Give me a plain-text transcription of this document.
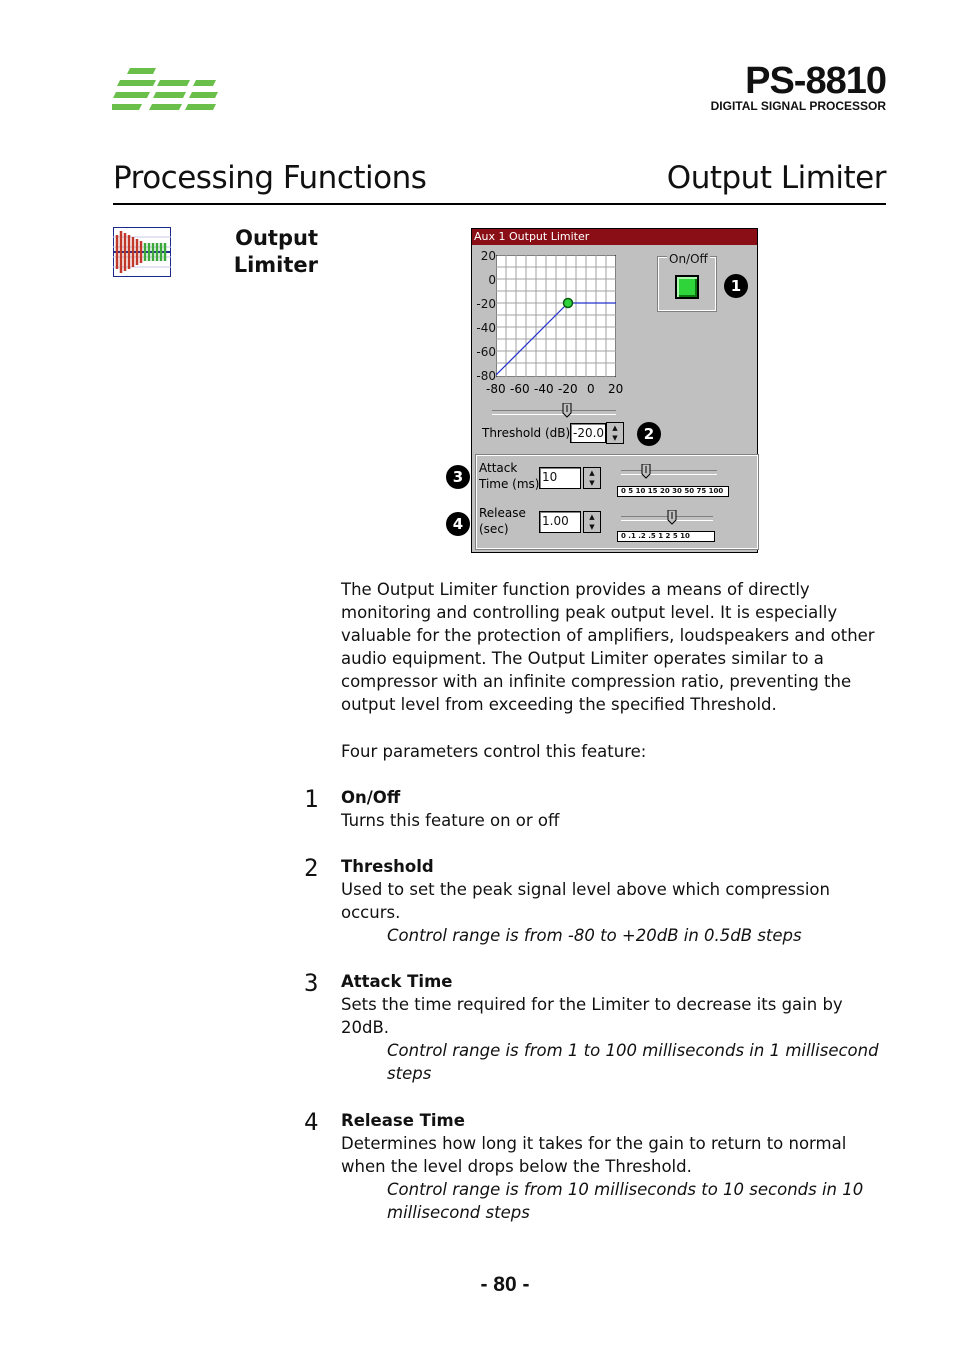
PS-8810
DIGITAL SIGNAL PROCESSOR
Processing Functions	Output Limiter
Output
Limiter
Aux 1 Output Limiter
20
0
-20
-40
-60
-80
-80 -60 -40 -20 0 20
On/Off
1
Threshold (dB) -20.0	▲
▼	2
Attack
Time (ms) 10	▲
▼
0 5 10 15 20 30 50 75 100
Release
(sec)
1.00	▲
▼
0 .1 .2 .5 1 2 5 10
3
4
The Output Limiter function provides a means of directly monitoring and controlling peak output level. It is especially valuable for the protection of amplifiers, loudspeakers and other audio equipment. The Output Limiter operates similar to a compressor with an infinite compression ratio, preventing the output level from exceeding the specified Threshold.
Four parameters control this feature:
1 On/Off
Turns this feature on or off
2 Threshold
Used to set the peak signal level above which compression occurs.
Control range is from -80 to +20dB in 0.5dB steps
3 Attack Time
Sets the time required for the Limiter to decrease its gain by 20dB.
Control range is from 1 to 100 milliseconds in 1 millisecond steps
4 Release Time
Determines how long it takes for the gain to return to normal when the level drops below the Threshold.
Control range is from 10 milliseconds to 10 seconds in 10 millisecond steps
- 80 -
